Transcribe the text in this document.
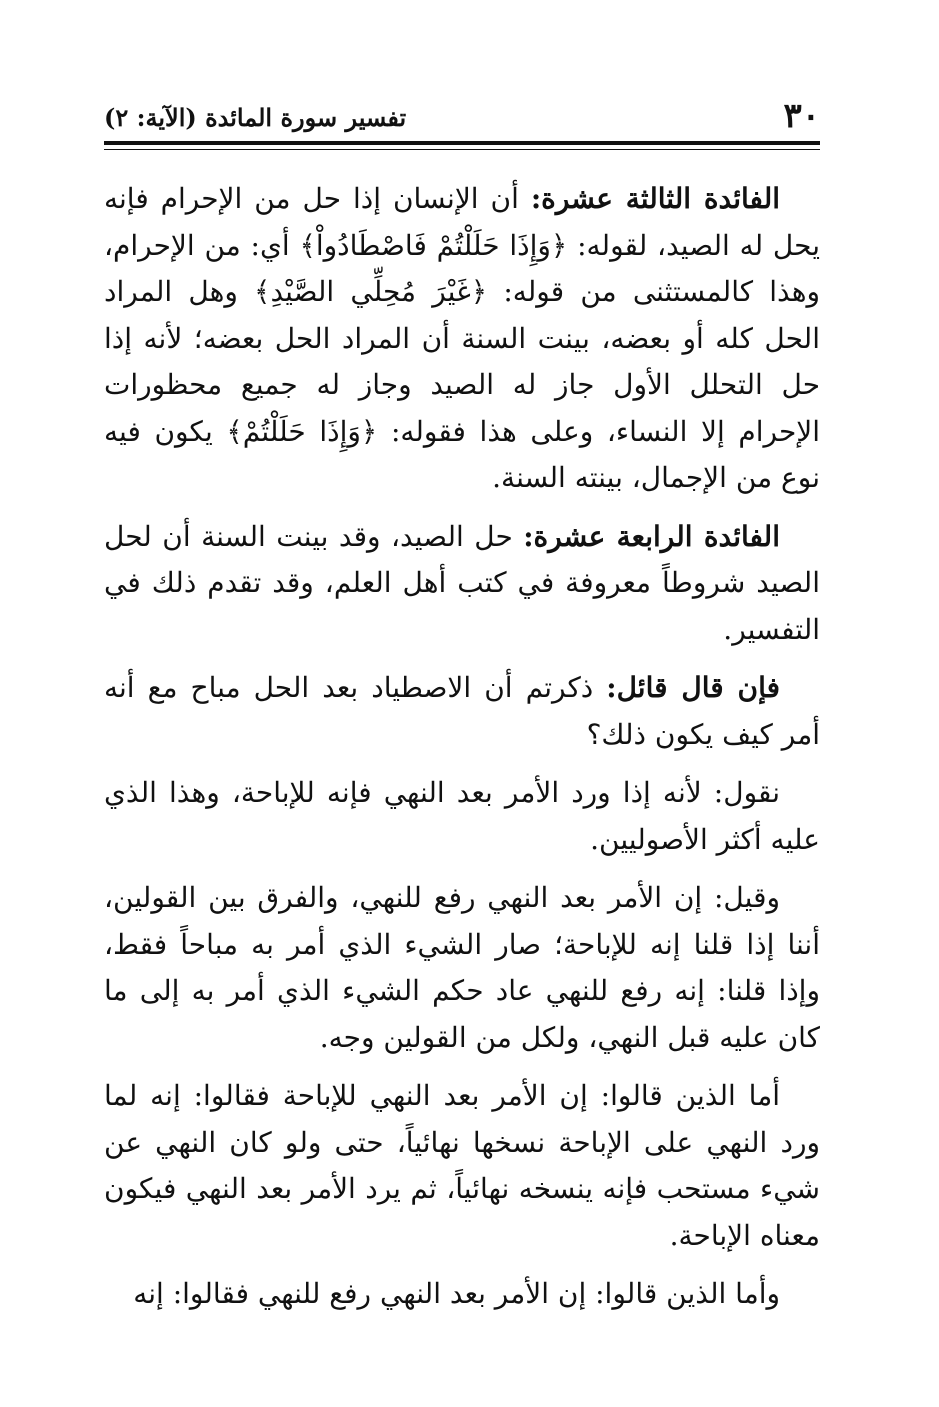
٣٠
تفسير سورة المائدة (الآية: ٢)

الفائدة الثالثة عشرة: أن الإنسان إذا حل من الإحرام فإنه يحل له الصيد، لقوله: ﴿وَإِذَا حَلَلْتُمْ فَاصْطَادُواْ﴾ أي: من الإحرام، وهذا كالمستثنى من قوله: ﴿غَيْرَ مُحِلِّي الصَّيْدِ﴾ وهل المراد الحل كله أو بعضه، بينت السنة أن المراد الحل بعضه؛ لأنه إذا حل التحلل الأول جاز له الصيد وجاز له جميع محظورات الإحرام إلا النساء، وعلى هذا فقوله: ﴿وَإِذَا حَلَلْتُمْ﴾ يكون فيه نوع من الإجمال، بينته السنة.

الفائدة الرابعة عشرة: حل الصيد، وقد بينت السنة أن لحل الصيد شروطاً معروفة في كتب أهل العلم، وقد تقدم ذلك في التفسير.

فإن قال قائل: ذكرتم أن الاصطياد بعد الحل مباح مع أنه أمر كيف يكون ذلك؟

نقول: لأنه إذا ورد الأمر بعد النهي فإنه للإباحة، وهذا الذي عليه أكثر الأصوليين.

وقيل: إن الأمر بعد النهي رفع للنهي، والفرق بين القولين، أننا إذا قلنا إنه للإباحة؛ صار الشيء الذي أمر به مباحاً فقط، وإذا قلنا: إنه رفع للنهي عاد حكم الشيء الذي أمر به إلى ما كان عليه قبل النهي، ولكل من القولين وجه.

أما الذين قالوا: إن الأمر بعد النهي للإباحة فقالوا: إنه لما ورد النهي على الإباحة نسخها نهائياً، حتى ولو كان النهي عن شيء مستحب فإنه ينسخه نهائياً، ثم يرد الأمر بعد النهي فيكون معناه الإباحة.

وأما الذين قالوا: إن الأمر بعد النهي رفع للنهي فقالوا: إنه
